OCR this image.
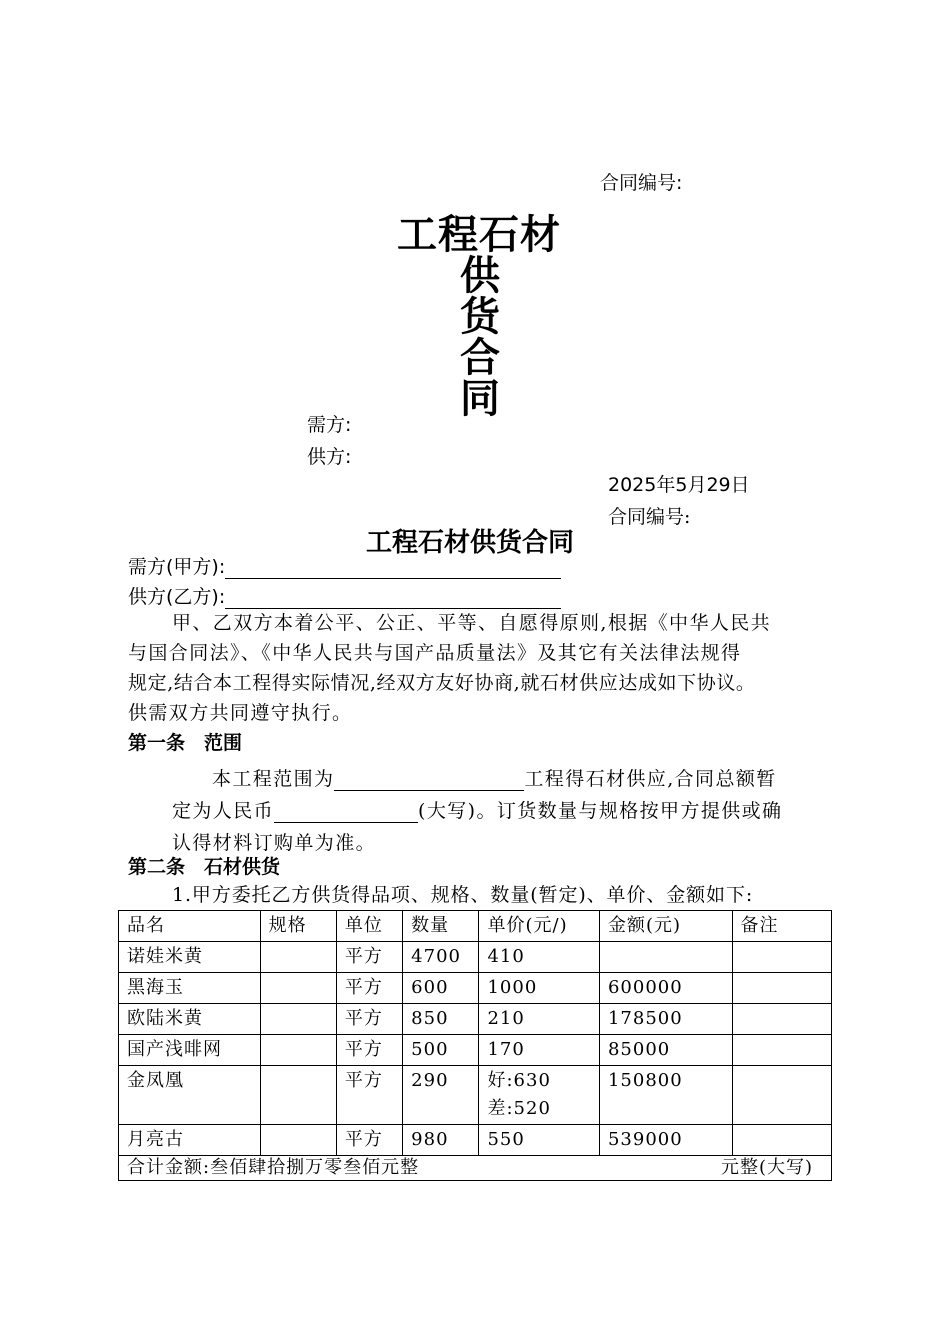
合同编号:
工程石材
供
货
合
同
需方:
供方:
2025年5月29日
合同编号:
工程石材供货合同
需方(甲方):
供方(乙方):
甲、乙双方本着公平、公正、平等、自愿得原则,根据《中华人民共
与国合同法》、《中华人民共与国产品质量法》及其它有关法律法规得
规定,结合本工程得实际情况,经双方友好协商,就石材供应达成如下协议。
供需双方共同遵守执行。
第一条　范围
本工程范围为	工程得石材供应,合同总额暂
定为人民币	(大写)。订货数量与规格按甲方提供或确
认得材料订购单为准。
第二条　石材供货
1.甲方委托乙方供货得品项、规格、数量(暂定)、单价、金额如下:
品名	规格	单位	数量	单价(元/)	金额(元)	备注
诺娃米黄		平方	4700	410		
黑海玉		平方	600	1000	600000	
欧陆米黄		平方	850	210	178500	
国产浅啡网		平方	500	170	85000	
金凤凰		平方	290	好:630
差:520	150800	
月亮古		平方	980	550	539000	
合计金额:叁佰肆拾捌万零叁佰元整 元整(大写)						
